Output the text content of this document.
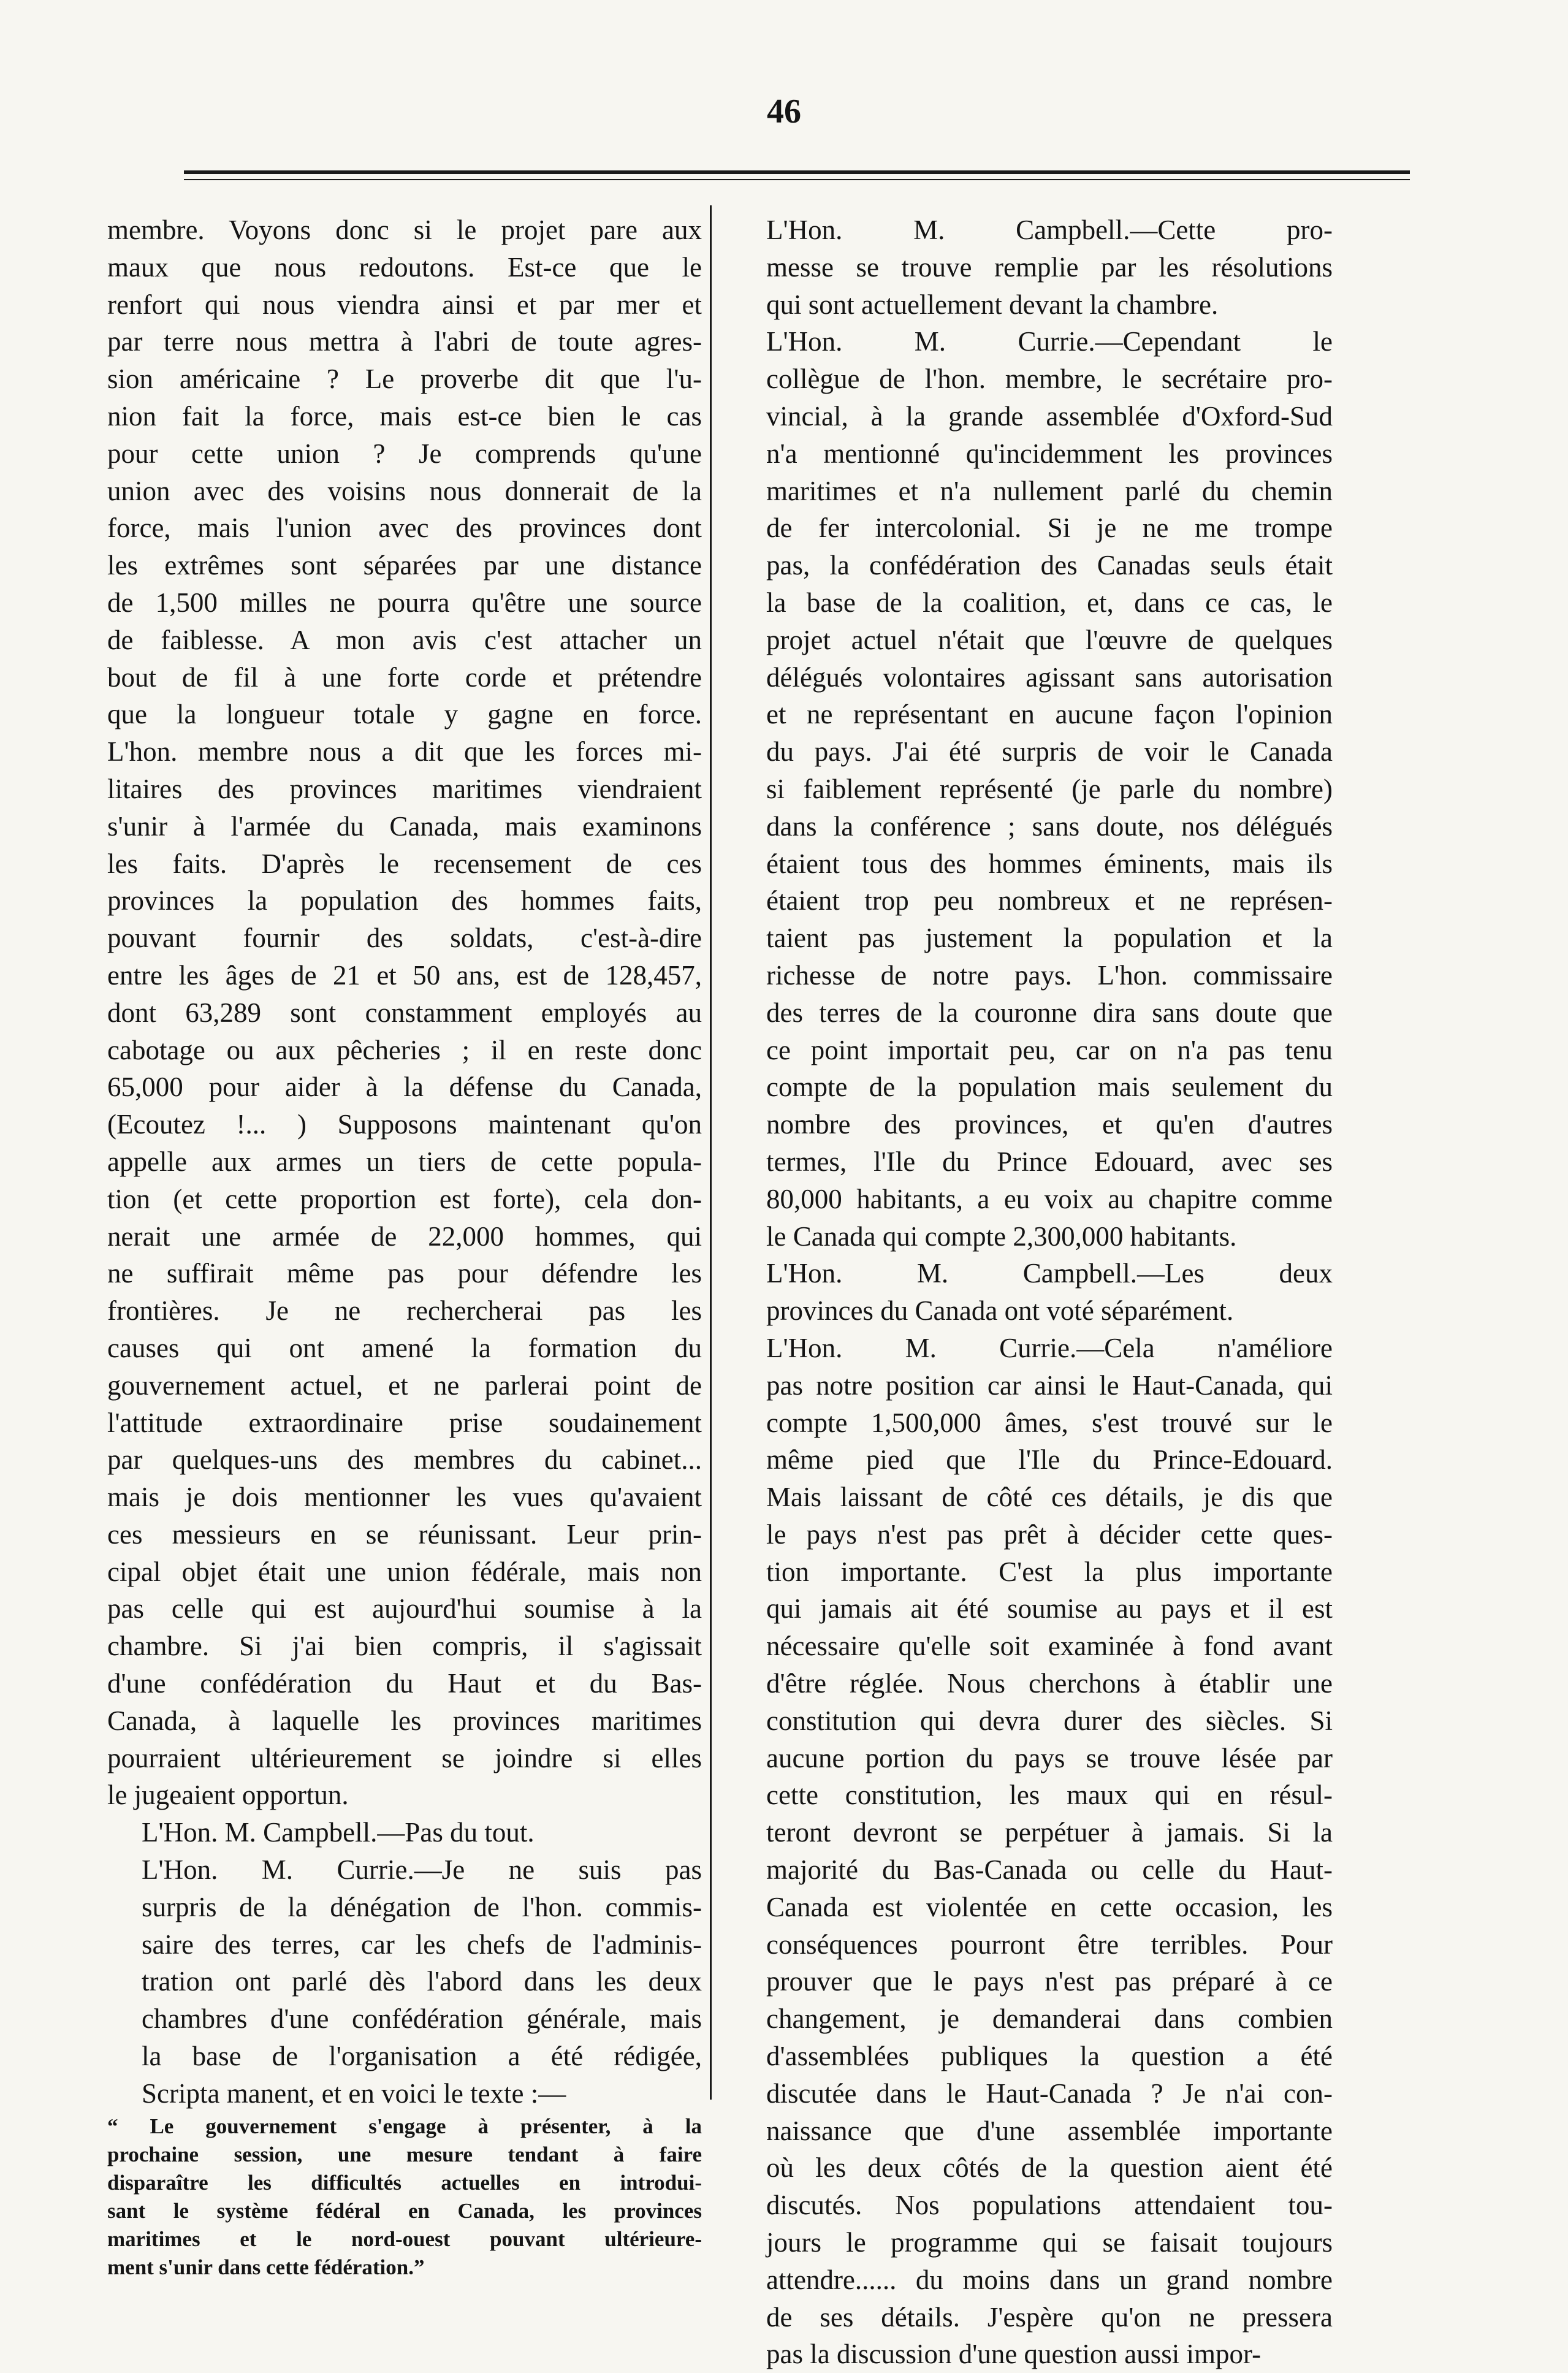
46

membre. Voyons donc si le projet pare aux
maux que nous redoutons. Est-ce que le
renfort qui nous viendra ainsi et par mer et
par terre nous mettra à l'abri de toute agres-
sion américaine ? Le proverbe dit que l'u-
nion fait la force, mais est-ce bien le cas
pour cette union ? Je comprends qu'une
union avec des voisins nous donnerait de la
force, mais l'union avec des provinces dont
les extrêmes sont séparées par une distance
de 1,500 milles ne pourra qu'être une source
de faiblesse. A mon avis c'est attacher un
bout de fil à une forte corde et prétendre
que la longueur totale y gagne en force.
L'hon. membre nous a dit que les forces mi-
litaires des provinces maritimes viendraient
s'unir à l'armée du Canada, mais examinons
les faits. D'après le recensement de ces
provinces la population des hommes faits,
pouvant fournir des soldats, c'est-à-dire
entre les âges de 21 et 50 ans, est de 128,457,
dont 63,289 sont constamment employés au
cabotage ou aux pêcheries ; il en reste donc
65,000 pour aider à la défense du Canada,
(Ecoutez !... ) Supposons maintenant qu'on
appelle aux armes un tiers de cette popula-
tion (et cette proportion est forte), cela don-
nerait une armée de 22,000 hommes, qui
ne suffirait même pas pour défendre les
frontières. Je ne rechercherai pas les
causes qui ont amené la formation du
gouvernement actuel, et ne parlerai point de
l'attitude extraordinaire prise soudainement
par quelques-uns des membres du cabinet...
mais je dois mentionner les vues qu'avaient
ces messieurs en se réunissant. Leur prin-
cipal objet était une union fédérale, mais non
pas celle qui est aujourd'hui soumise à la
chambre. Si j'ai bien compris, il s'agissait
d'une confédération du Haut et du Bas-
Canada, à laquelle les provinces maritimes
pourraient ultérieurement se joindre si elles
le jugeaient opportun.

L'Hon. M. Campbell.—Pas du tout.

L'Hon. M. Currie.—Je ne suis pas
surpris de la dénégation de l'hon. commis-
saire des terres, car les chefs de l'adminis-
tration ont parlé dès l'abord dans les deux
chambres d'une confédération générale, mais
la base de l'organisation a été rédigée,
Scripta manent, et en voici le texte :—

“ Le gouvernement s'engage à présenter, à la
prochaine session, une mesure tendant à faire
disparaître les difficultés actuelles en introdui-
sant le système fédéral en Canada, les provinces
maritimes et le nord-ouest pouvant ultérieure-
ment s'unir dans cette fédération.”

L'Hon. M. Campbell.—Cette pro-
messe se trouve remplie par les résolutions
qui sont actuellement devant la chambre.

L'Hon. M. Currie.—Cependant le
collègue de l'hon. membre, le secrétaire pro-
vincial, à la grande assemblée d'Oxford-Sud
n'a mentionné qu'incidemment les provinces
maritimes et n'a nullement parlé du chemin
de fer intercolonial. Si je ne me trompe
pas, la confédération des Canadas seuls était
la base de la coalition, et, dans ce cas, le
projet actuel n'était que l'œuvre de quelques
délégués volontaires agissant sans autorisation
et ne représentant en aucune façon l'opinion
du pays. J'ai été surpris de voir le Canada
si faiblement représenté (je parle du nombre)
dans la conférence ; sans doute, nos délégués
étaient tous des hommes éminents, mais ils
étaient trop peu nombreux et ne représen-
taient pas justement la population et la
richesse de notre pays. L'hon. commissaire
des terres de la couronne dira sans doute que
ce point importait peu, car on n'a pas tenu
compte de la population mais seulement du
nombre des provinces, et qu'en d'autres
termes, l'Ile du Prince Edouard, avec ses
80,000 habitants, a eu voix au chapitre comme
le Canada qui compte 2,300,000 habitants.

L'Hon. M. Campbell.—Les deux
provinces du Canada ont voté séparément.

L'Hon. M. Currie.—Cela n'améliore
pas notre position car ainsi le Haut-Canada, qui
compte 1,500,000 âmes, s'est trouvé sur le
même pied que l'Ile du Prince-Edouard.
Mais laissant de côté ces détails, je dis que
le pays n'est pas prêt à décider cette ques-
tion importante. C'est la plus importante
qui jamais ait été soumise au pays et il est
nécessaire qu'elle soit examinée à fond avant
d'être réglée. Nous cherchons à établir une
constitution qui devra durer des siècles. Si
aucune portion du pays se trouve lésée par
cette constitution, les maux qui en résul-
teront devront se perpétuer à jamais. Si la
majorité du Bas-Canada ou celle du Haut-
Canada est violentée en cette occasion, les
conséquences pourront être terribles. Pour
prouver que le pays n'est pas préparé à ce
changement, je demanderai dans combien
d'assemblées publiques la question a été
discutée dans le Haut-Canada ? Je n'ai con-
naissance que d'une assemblée importante
où les deux côtés de la question aient été
discutés. Nos populations attendaient tou-
jours le programme qui se faisait toujours
attendre...... du moins dans un grand nombre
de ses détails. J'espère qu'on ne pressera
pas la discussion d'une question aussi impor-
